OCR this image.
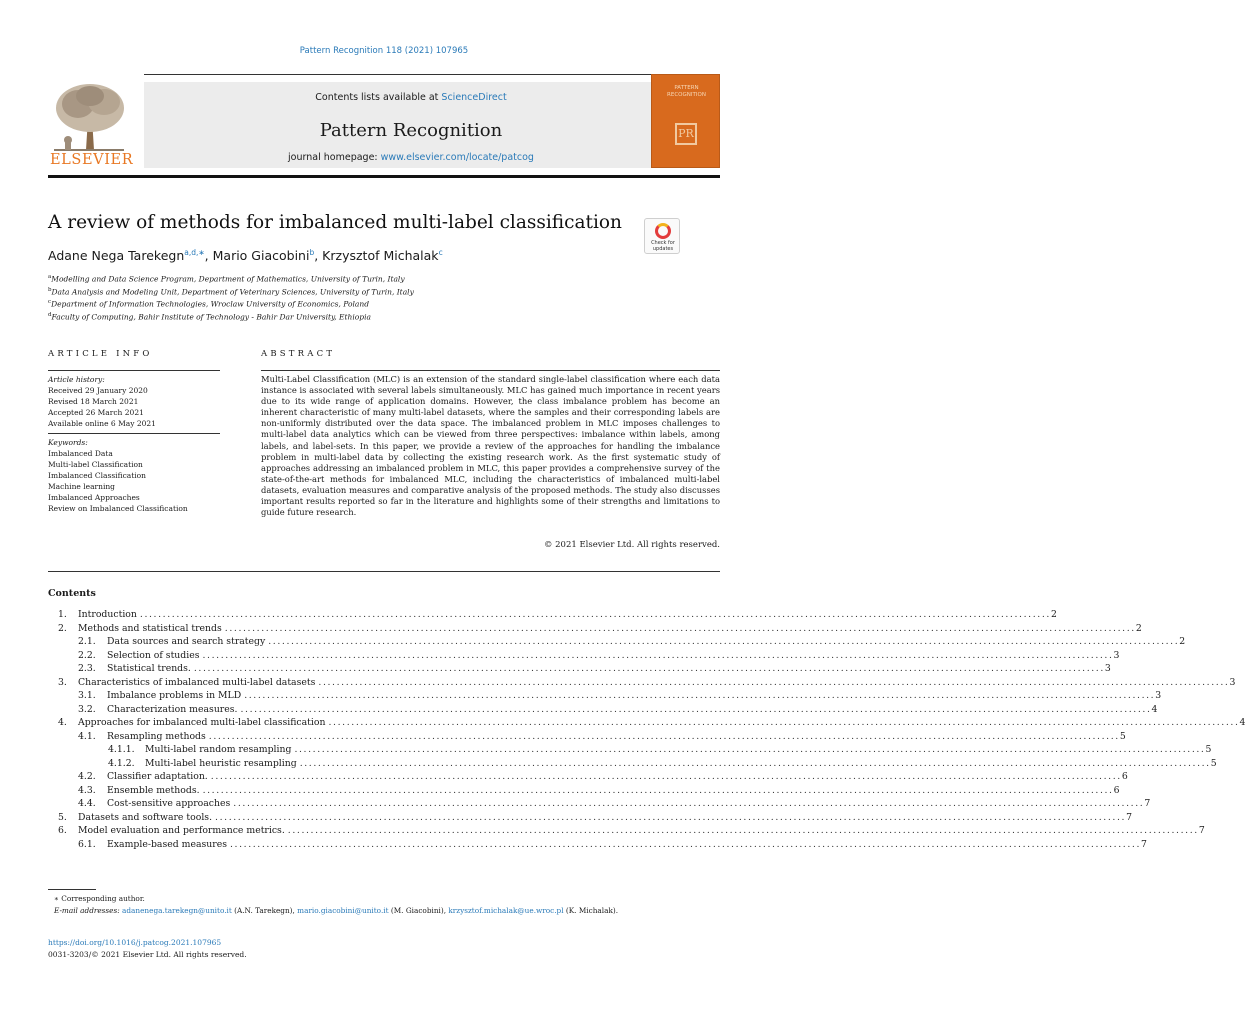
Pattern Recognition 118 (2021) 107965
ELSEVIER
Contents lists available at ScienceDirect
Pattern Recognition
journal homepage: www.elsevier.com/locate/patcog
PATTERN RECOGNITION
PR
A review of methods for imbalanced multi-label classification
Check for updates
Adane Nega Tarekegn$^{a,d,∗}$, Mario Giacobini$^b$, Krzysztof Michalak$^c$
$^a$Modelling and Data Science Program, Department of Mathematics, University of Turin, Italy
$^b$Data Analysis and Modeling Unit, Department of Veterinary Sciences, University of Turin, Italy
$^c$Department of Information Technologies, Wroclaw University of Economics, Poland
$^d$Faculty of Computing, Bahir Institute of Technology - Bahir Dar University, Ethiopia
ARTICLE INFO	ABSTRACT
Article history:
Received 29 January 2020
Revised 18 March 2021
Accepted 26 March 2021
Available online 6 May 2021
Keywords:
Imbalanced Data
Multi-label Classification
Imbalanced Classification
Machine learning
Imbalanced Approaches
Review on Imbalanced Classification
Multi-Label Classification (MLC) is an extension of the standard single-label classification where each data instance is associated with several labels simultaneously. MLC has gained much importance in recent years due to its wide range of application domains. However, the class imbalance problem has become an inherent characteristic of many multi-label datasets, where the samples and their corresponding labels are non-uniformly distributed over the data space. The imbalanced problem in MLC imposes challenges to multi-label data analytics which can be viewed from three perspectives: imbalance within labels, among labels, and label-sets. In this paper, we provide a review of the approaches for handling the imbalance problem in multi-label data by collecting the existing research work. As the first systematic study of approaches addressing an imbalanced problem in MLC, this paper provides a comprehensive survey of the state-of-the-art methods for imbalanced MLC, including the characteristics of imbalanced multi-label datasets, evaluation measures and comparative analysis of the proposed methods. The study also discusses important results reported so far in the literature and highlights some of their strengths and limitations to guide future research.
© 2021 Elsevier Ltd. All rights reserved.
Contents
1. Introduction ........................................................................................................................................................................................................ 2
2. Methods and statistical trends ........................................................................................................................................................................................................ 2
2.1. Data sources and search strategy ........................................................................................................................................................................................................ 2
2.2. Selection of studies ........................................................................................................................................................................................................ 3
2.3. Statistical trends. ........................................................................................................................................................................................................ 3
3. Characteristics of imbalanced multi-label datasets ........................................................................................................................................................................................................ 3
3.1. Imbalance problems in MLD ........................................................................................................................................................................................................ 3
3.2. Characterization measures. ........................................................................................................................................................................................................ 4
4. Approaches for imbalanced multi-label classification ........................................................................................................................................................................................................ 4
4.1. Resampling methods ........................................................................................................................................................................................................ 5
4.1.1. Multi-label random resampling ........................................................................................................................................................................................................ 5
4.1.2. Multi-label heuristic resampling ........................................................................................................................................................................................................ 5
4.2. Classifier adaptation. ........................................................................................................................................................................................................ 6
4.3. Ensemble methods. ........................................................................................................................................................................................................ 6
4.4. Cost-sensitive approaches ........................................................................................................................................................................................................ 7
5. Datasets and software tools. ........................................................................................................................................................................................................ 7
6. Model evaluation and performance metrics. ........................................................................................................................................................................................................ 7
6.1. Example-based measures ........................................................................................................................................................................................................ 7
∗ Corresponding author.
E-mail addresses: adanenega.tarekegn@unito.it (A.N. Tarekegn), mario.giacobini@unito.it (M. Giacobini), krzysztof.michalak@ue.wroc.pl (K. Michalak).
https://doi.org/10.1016/j.patcog.2021.107965
0031-3203/© 2021 Elsevier Ltd. All rights reserved.
